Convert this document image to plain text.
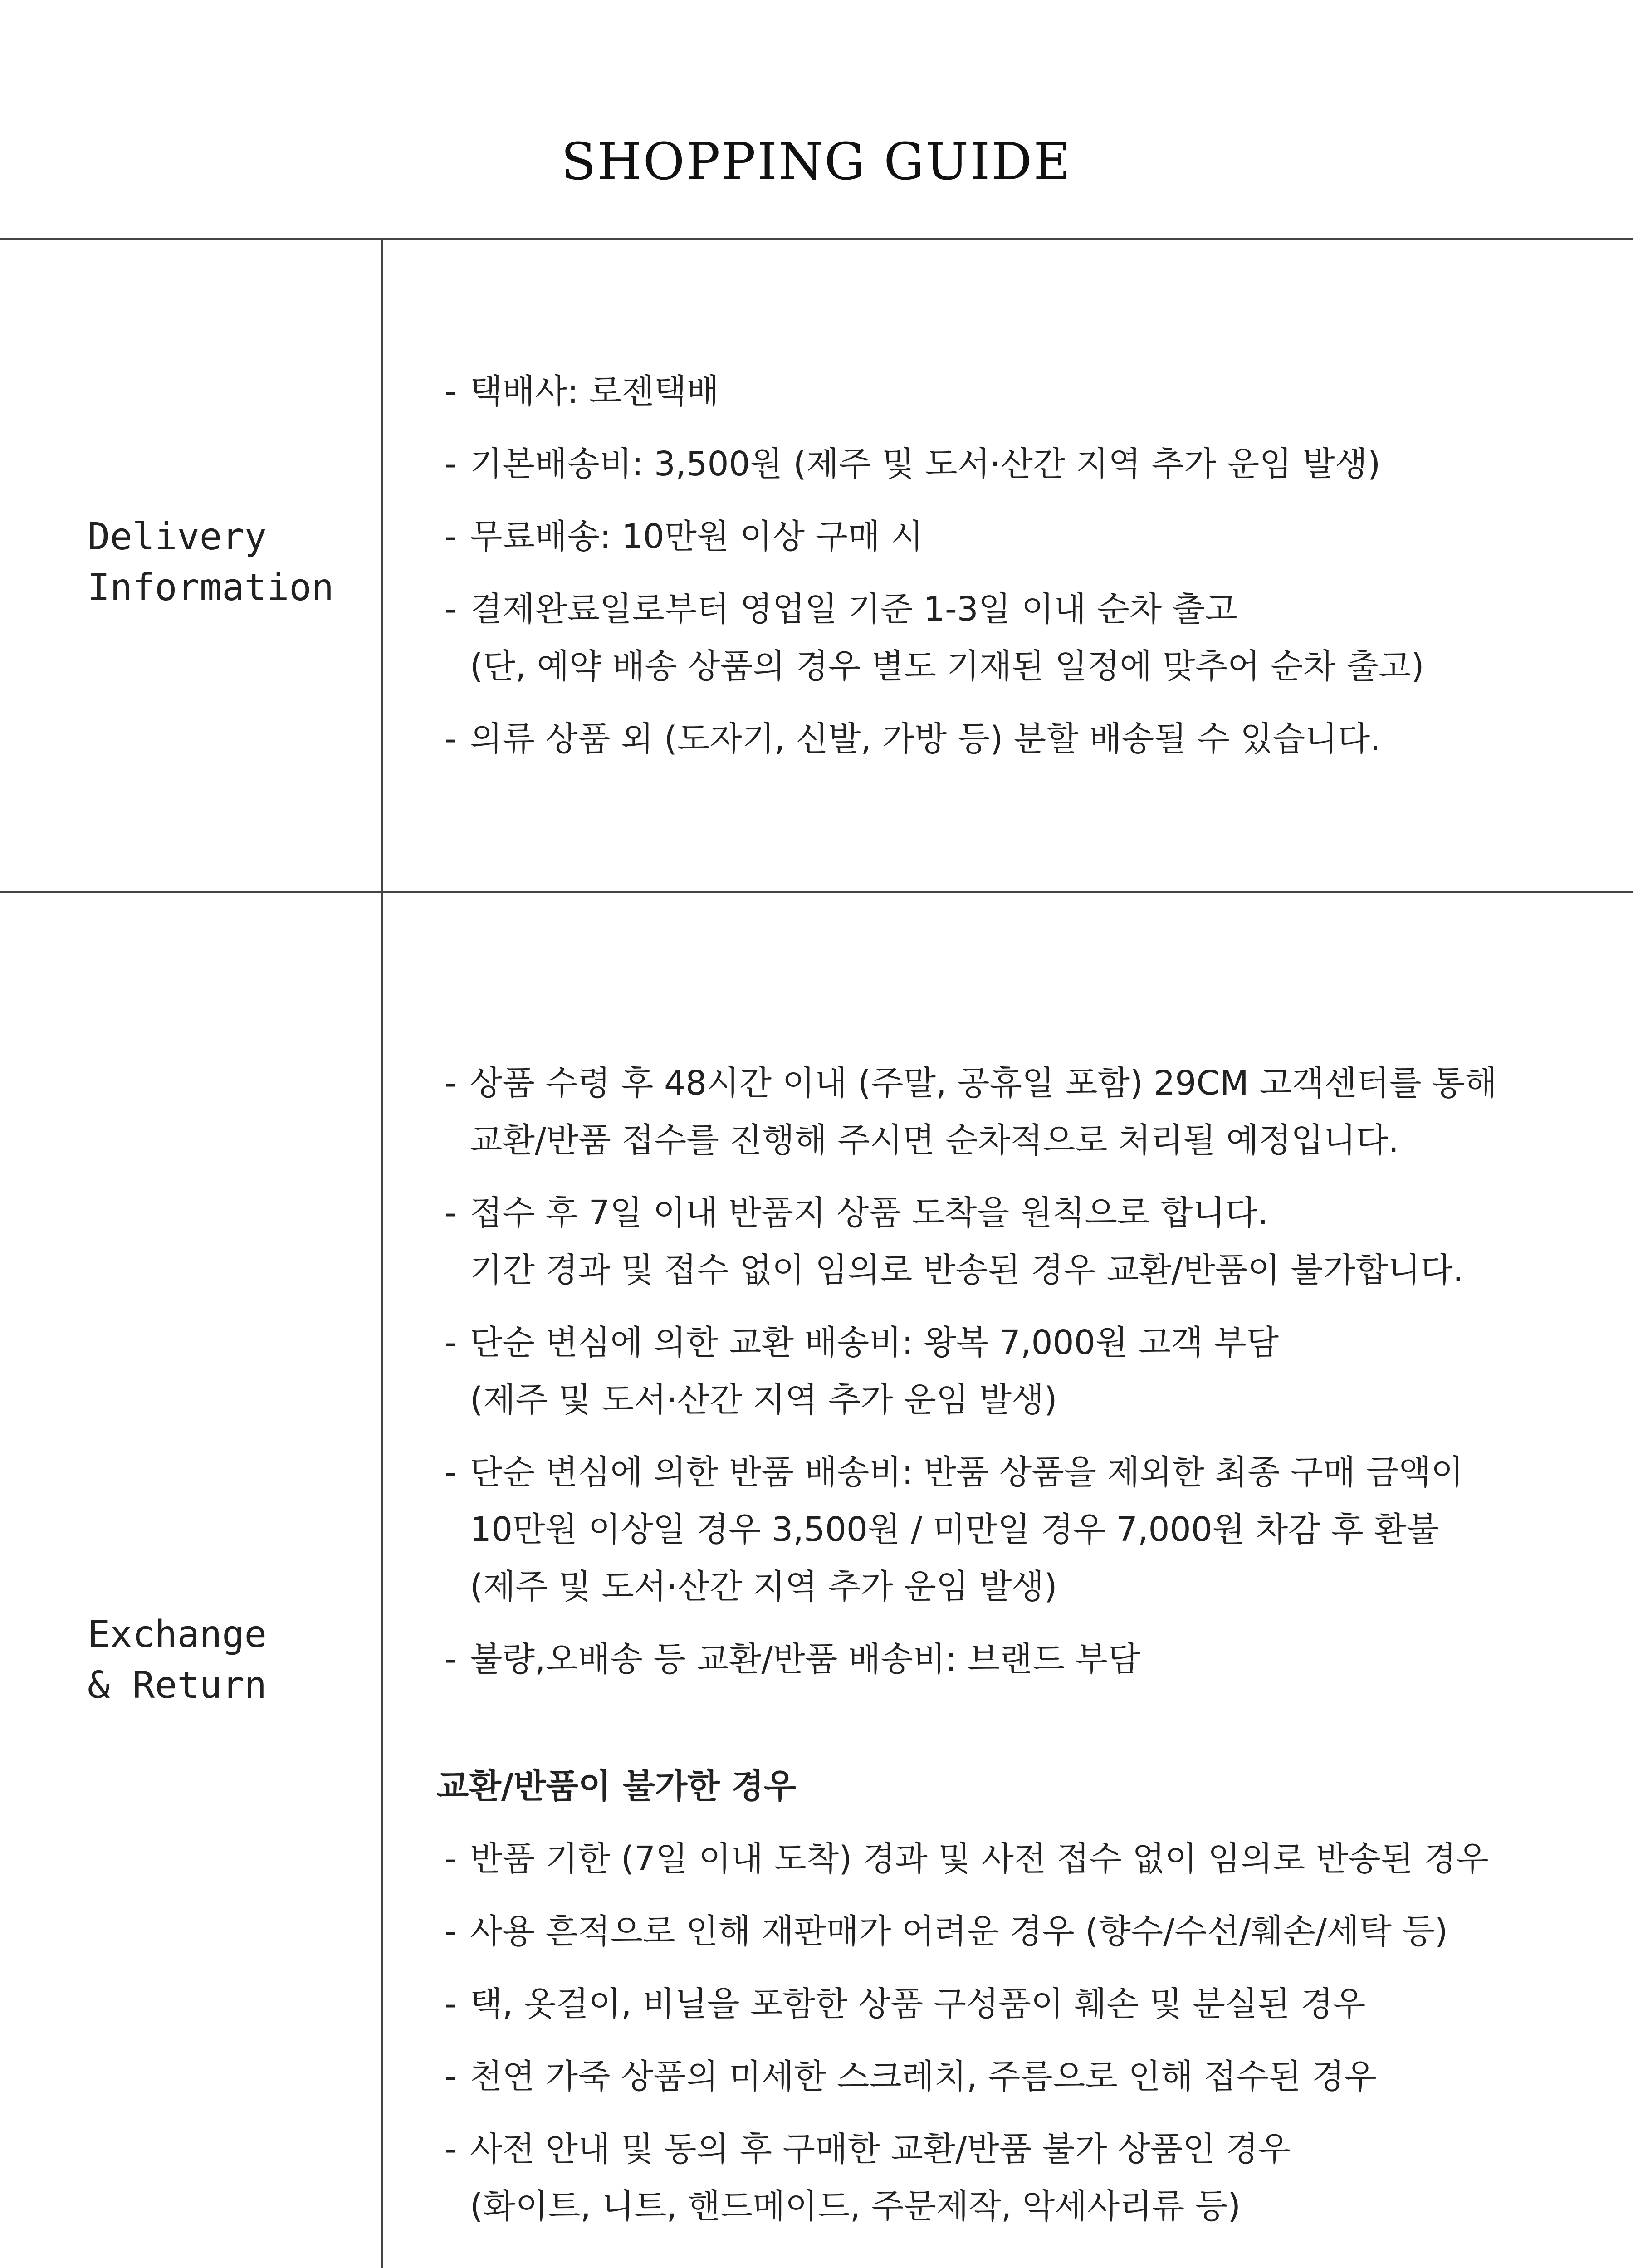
SHOPPING GUIDE
Delivery
Information
- 택배사: 로젠택배
- 기본배송비: 3,500원 (제주 및 도서·산간 지역 추가 운임 발생)
- 무료배송: 10만원 이상 구매 시
- 결제완료일로부터 영업일 기준 1-3일 이내 순차 출고
(단, 예약 배송 상품의 경우 별도 기재된 일정에 맞추어 순차 출고)
- 의류 상품 외 (도자기, 신발, 가방 등) 분할 배송될 수 있습니다.
Exchange
& Return
- 상품 수령 후 48시간 이내 (주말, 공휴일 포함) 29CM 고객센터를 통해
교환/반품 접수를 진행해 주시면 순차적으로 처리될 예정입니다.
- 접수 후 7일 이내 반품지 상품 도착을 원칙으로 합니다.
기간 경과 및 접수 없이 임의로 반송된 경우 교환/반품이 불가합니다.
- 단순 변심에 의한 교환 배송비: 왕복 7,000원 고객 부담
(제주 및 도서·산간 지역 추가 운임 발생)
- 단순 변심에 의한 반품 배송비: 반품 상품을 제외한 최종 구매 금액이
10만원 이상일 경우 3,500원 / 미만일 경우 7,000원 차감 후 환불
(제주 및 도서·산간 지역 추가 운임 발생)
- 불량,오배송 등 교환/반품 배송비: 브랜드 부담
교환/반품이 불가한 경우
- 반품 기한 (7일 이내 도착) 경과 및 사전 접수 없이 임의로 반송된 경우
- 사용 흔적으로 인해 재판매가 어려운 경우 (향수/수선/훼손/세탁 등)
- 택, 옷걸이, 비닐을 포함한 상품 구성품이 훼손 및 분실된 경우
- 천연 가죽 상품의 미세한 스크레치, 주름으로 인해 접수된 경우
- 사전 안내 및 동의 후 구매한 교환/반품 불가 상품인 경우
(화이트, 니트, 핸드메이드, 주문제작, 악세사리류 등)
